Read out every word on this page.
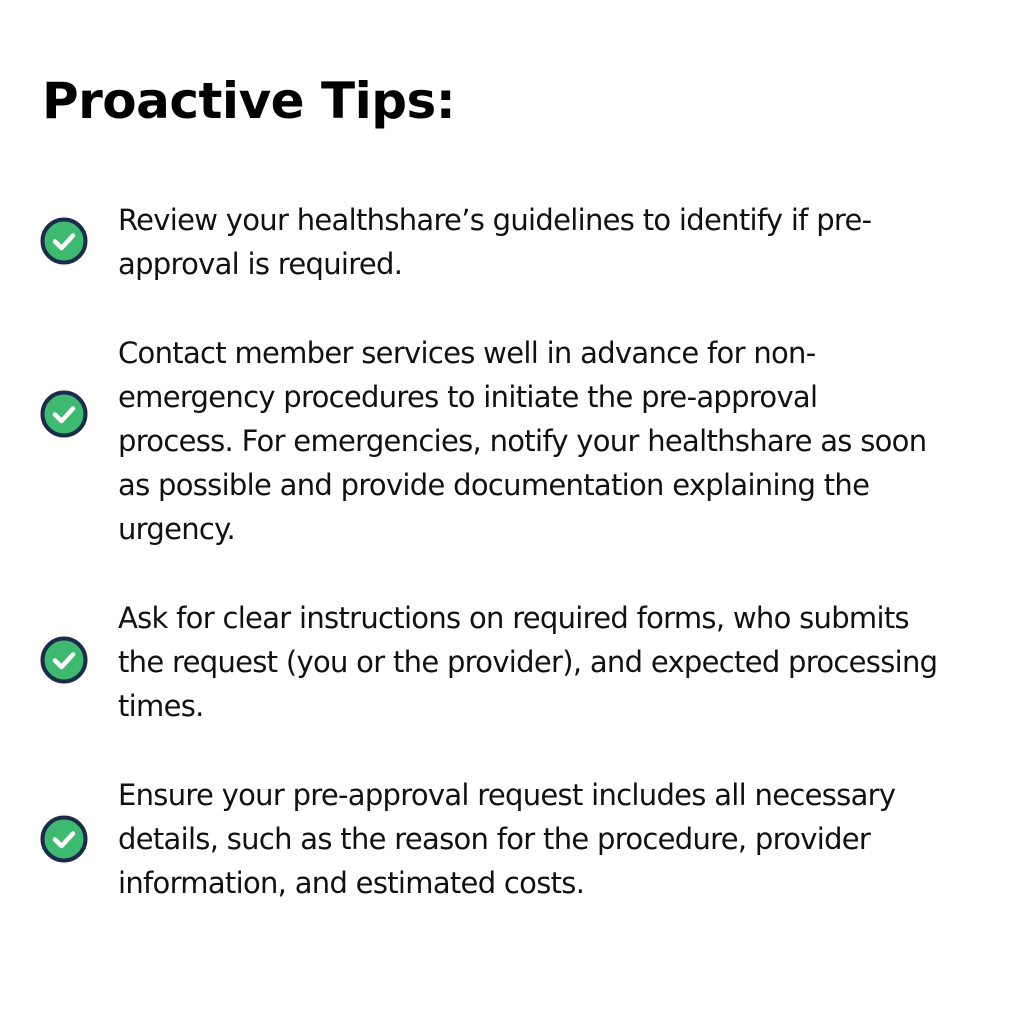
Proactive Tips:

Review your healthshare’s guidelines to identify if pre-
approval is required.

Contact member services well in advance for non-
emergency procedures to initiate the pre-approval
process. For emergencies, notify your healthshare as soon
as possible and provide documentation explaining the
urgency.

Ask for clear instructions on required forms, who submits
the request (you or the provider), and expected processing
times.

Ensure your pre-approval request includes all necessary
details, such as the reason for the procedure, provider
information, and estimated costs.
